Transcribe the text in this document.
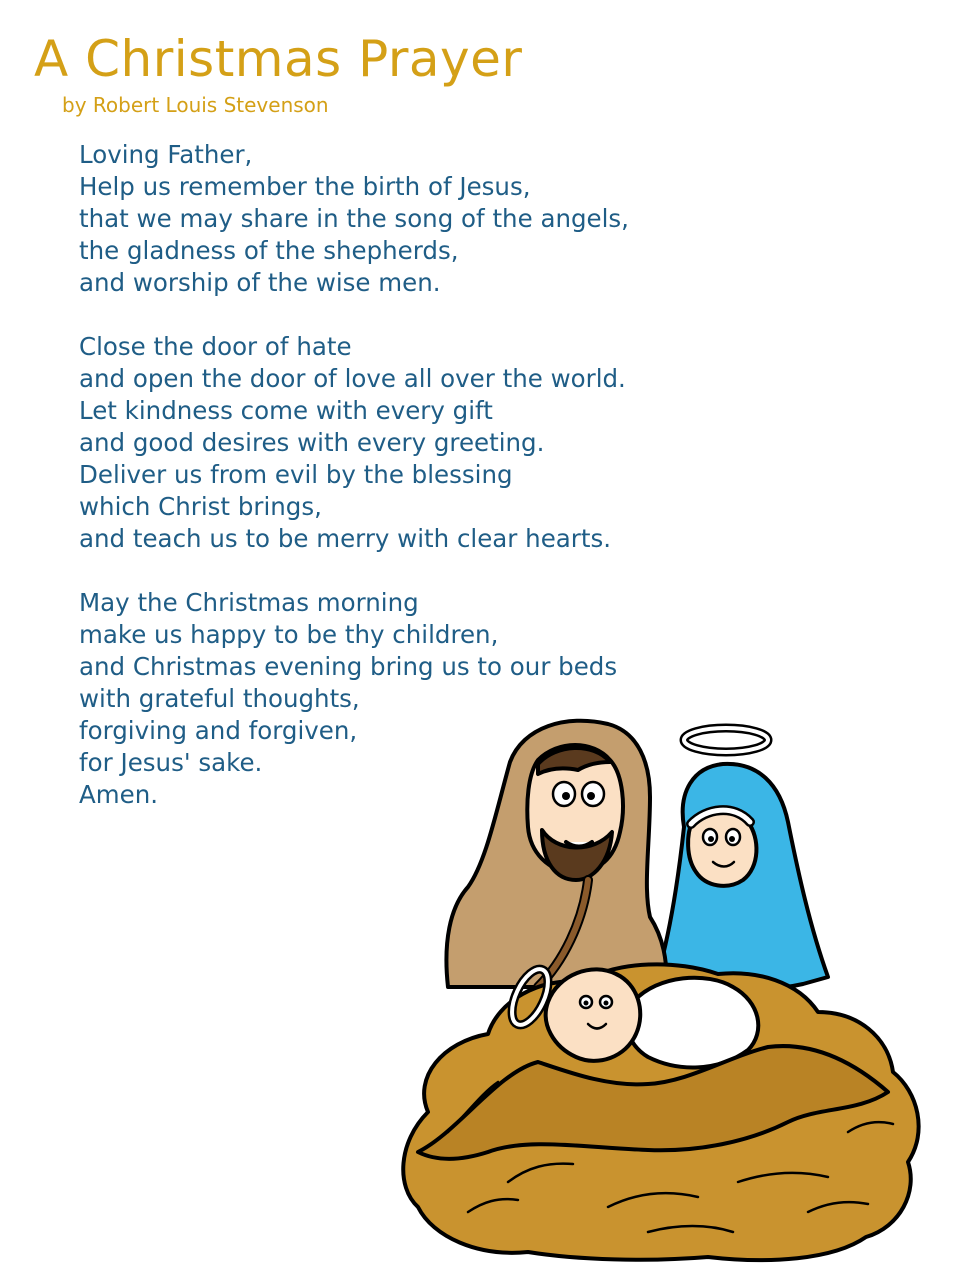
A Christmas Prayer
by Robert Louis Stevenson

Loving Father,
Help us remember the birth of Jesus,
that we may share in the song of the angels,
the gladness of the shepherds,
and worship of the wise men.

Close the door of hate
and open the door of love all over the world.
Let kindness come with every gift
and good desires with every greeting.
Deliver us from evil by the blessing
which Christ brings,
and teach us to be merry with clear hearts.

May the Christmas morning
make us happy to be thy children,
and Christmas evening bring us to our beds
with grateful thoughts,
forgiving and forgiven,
for Jesus' sake.
Amen.
